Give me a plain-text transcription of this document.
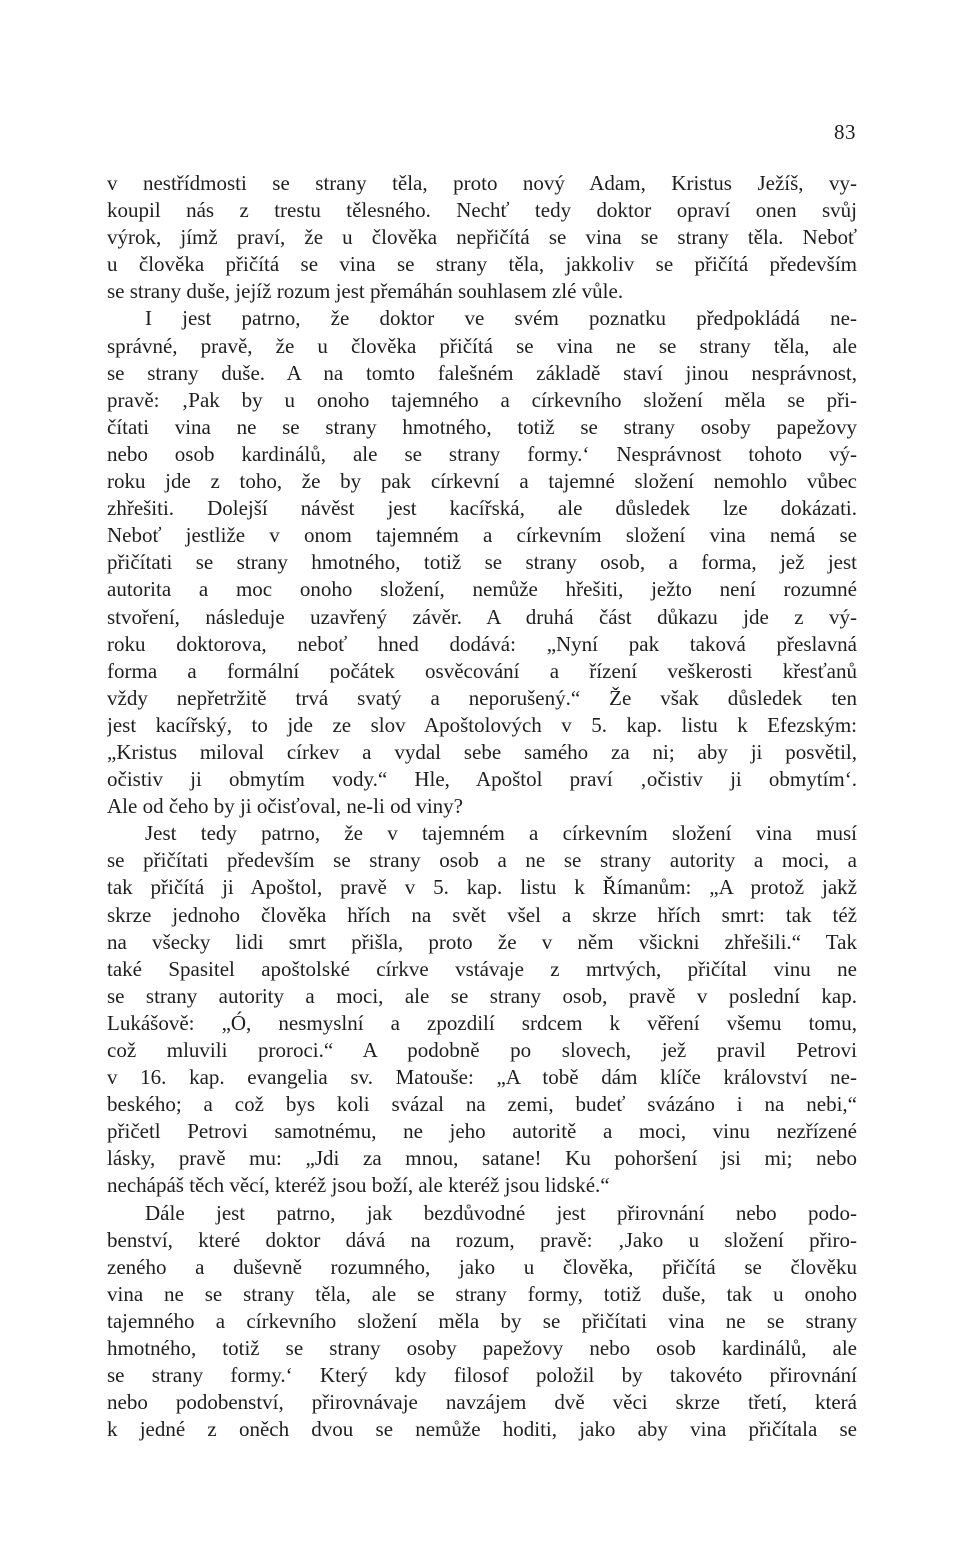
83
v nestřídmosti se strany těla, proto nový Adam, Kristus Ježíš, vy-
koupil nás z trestu tělesného. Nechť tedy doktor opraví onen svůj
výrok, jímž praví, že u člověka nepřičítá se vina se strany těla. Neboť
u člověka přičítá se vina se strany těla, jakkoliv se přičítá především
se strany duše, jejíž rozum jest přemáhán souhlasem zlé vůle.
I jest patrno, že doktor ve svém poznatku předpokládá ne-
správné, pravě, že u člověka přičítá se vina ne se strany těla, ale
se strany duše. A na tomto falešném základě staví jinou nesprávnost,
pravě: ‚Pak by u onoho tajemného a církevního složení měla se při-
čítati vina ne se strany hmotného, totiž se strany osoby papežovy
nebo osob kardinálů, ale se strany formy.‘ Nesprávnost tohoto vý-
roku jde z toho, že by pak církevní a tajemné složení nemohlo vůbec
zhřešiti. Dolejší návěst jest kacířská, ale důsledek lze dokázati.
Neboť jestliže v onom tajemném a církevním složení vina nemá se
přičítati se strany hmotného, totiž se strany osob, a forma, jež jest
autorita a moc onoho složení, nemůže hřešiti, ježto není rozumné
stvoření, následuje uzavřený závěr. A druhá část důkazu jde z vý-
roku doktorova, neboť hned dodává: „Nyní pak taková přeslavná
forma a formální počátek osvěcování a řízení veškerosti křesťanů
vždy nepřetržitě trvá svatý a neporušený.“ Že však důsledek ten
jest kacířský, to jde ze slov Apoštolových v 5. kap. listu k Efezským:
„Kristus miloval církev a vydal sebe samého za ni; aby ji posvětil,
očistiv ji obmytím vody.“ Hle, Apoštol praví ‚očistiv ji obmytím‘.
Ale od čeho by ji očisťoval, ne-li od viny?
Jest tedy patrno, že v tajemném a církevním složení vina musí
se přičítati především se strany osob a ne se strany autority a moci, a
tak přičítá ji Apoštol, pravě v 5. kap. listu k Římanům: „A protož jakž
skrze jednoho člověka hřích na svět všel a skrze hřích smrt: tak též
na všecky lidi smrt přišla, proto že v něm všickni zhřešili.“ Tak
také Spasitel apoštolské církve vstávaje z mrtvých, přičítal vinu ne
se strany autority a moci, ale se strany osob, pravě v poslední kap.
Lukášově: „Ó, nesmyslní a zpozdilí srdcem k věření všemu tomu,
což mluvili proroci.“ A podobně po slovech, jež pravil Petrovi
v 16. kap. evangelia sv. Matouše: „A tobě dám klíče království ne-
beského; a což bys koli svázal na zemi, budeť svázáno i na nebi,“
přičetl Petrovi samotnému, ne jeho autoritě a moci, vinu nezřízené
lásky, pravě mu: „Jdi za mnou, satane! Ku pohoršení jsi mi; nebo
nechápáš těch věcí, kteréž jsou boží, ale kteréž jsou lidské.“
Dále jest patrno, jak bezdůvodné jest přirovnání nebo podo-
benství, které doktor dává na rozum, pravě: ‚Jako u složení přiro-
zeného a duševně rozumného, jako u člověka, přičítá se člověku
vina ne se strany těla, ale se strany formy, totiž duše, tak u onoho
tajemného a církevního složení měla by se přičítati vina ne se strany
hmotného, totiž se strany osoby papežovy nebo osob kardinálů, ale
se strany formy.‘ Který kdy filosof položil by takovéto přirovnání
nebo podobenství, přirovnávaje navzájem dvě věci skrze třetí, která
k jedné z oněch dvou se nemůže hoditi, jako aby vina přičítala se
